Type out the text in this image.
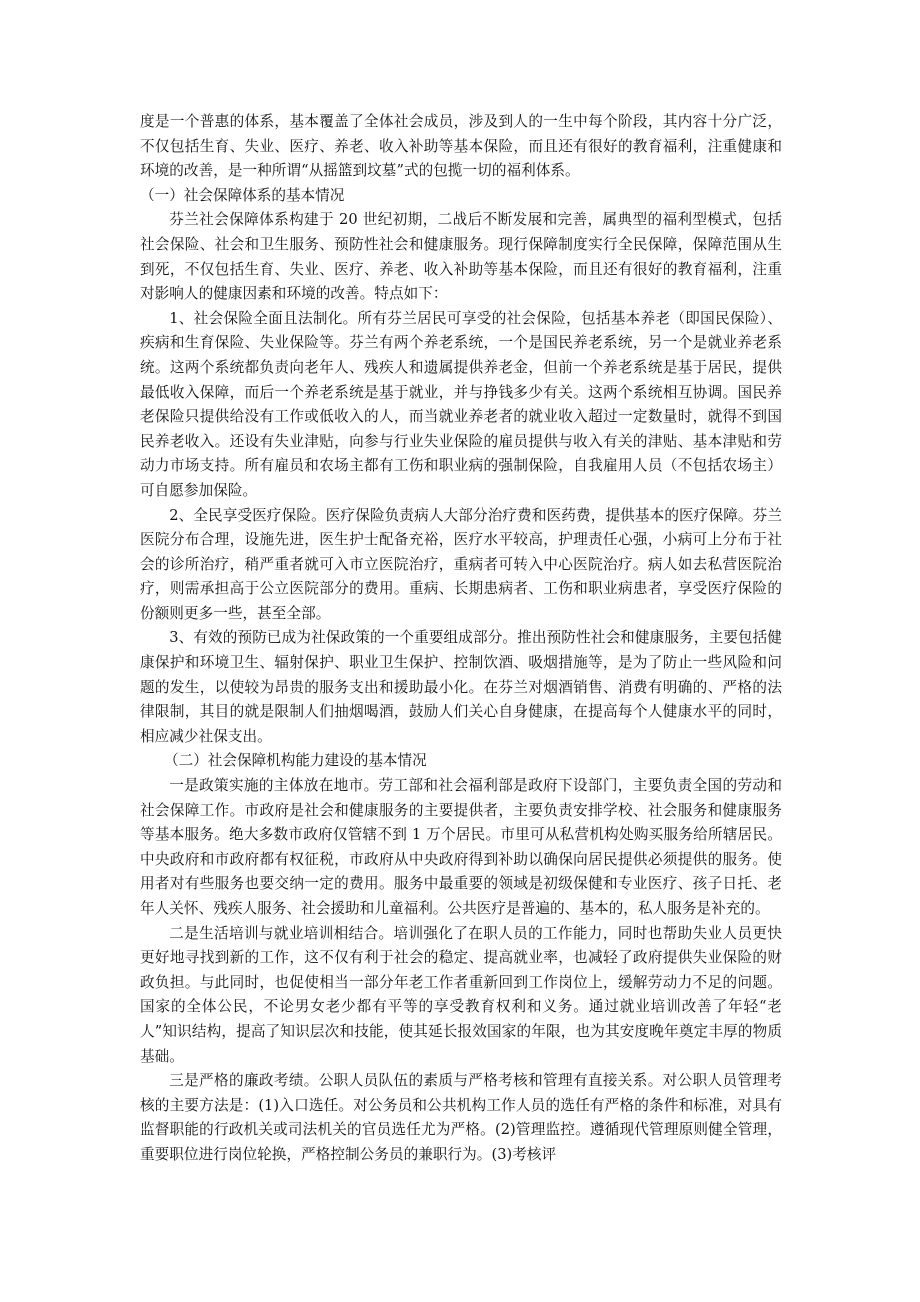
度是一个普惠的体系，基本覆盖了全体社会成员，涉及到人的一生中每个阶段，其内容十分广泛，不仅包括生育、失业、医疗、养老、收入补助等基本保险，而且还有很好的教育福利，注重健康和环境的改善，是一种所谓“从摇篮到坟墓”式的包揽一切的福利体系。

（一）社会保障体系的基本情况

芬兰社会保障体系构建于 20 世纪初期，二战后不断发展和完善，属典型的福利型模式，包括社会保险、社会和卫生服务、预防性社会和健康服务。现行保障制度实行全民保障，保障范围从生到死，不仅包括生育、失业、医疗、养老、收入补助等基本保险，而且还有很好的教育福利，注重对影响人的健康因素和环境的改善。特点如下：

1、社会保险全面且法制化。所有芬兰居民可享受的社会保险，包括基本养老（即国民保险）、疾病和生育保险、失业保险等。芬兰有两个养老系统，一个是国民养老系统，另一个是就业养老系统。这两个系统都负责向老年人、残疾人和遗属提供养老金，但前一个养老系统是基于居民，提供最低收入保障，而后一个养老系统是基于就业，并与挣钱多少有关。这两个系统相互协调。国民养老保险只提供给没有工作或低收入的人，而当就业养老者的就业收入超过一定数量时，就得不到国民养老收入。还设有失业津贴，向参与行业失业保险的雇员提供与收入有关的津贴、基本津贴和劳动力市场支持。所有雇员和农场主都有工伤和职业病的强制保险，自我雇用人员（不包括农场主）可自愿参加保险。

2、全民享受医疗保险。医疗保险负责病人大部分治疗费和医药费，提供基本的医疗保障。芬兰医院分布合理，设施先进，医生护士配备充裕，医疗水平较高，护理责任心强，小病可上分布于社会的诊所治疗，稍严重者就可入市立医院治疗，重病者可转入中心医院治疗。病人如去私营医院治疗，则需承担高于公立医院部分的费用。重病、长期患病者、工伤和职业病患者，享受医疗保险的份额则更多一些，甚至全部。

3、有效的预防已成为社保政策的一个重要组成部分。推出预防性社会和健康服务，主要包括健康保护和环境卫生、辐射保护、职业卫生保护、控制饮酒、吸烟措施等，是为了防止一些风险和问题的发生，以使较为昂贵的服务支出和援助最小化。在芬兰对烟酒销售、消费有明确的、严格的法律限制，其目的就是限制人们抽烟喝酒，鼓励人们关心自身健康，在提高每个人健康水平的同时，相应减少社保支出。

（二）社会保障机构能力建设的基本情况

一是政策实施的主体放在地市。劳工部和社会福利部是政府下设部门，主要负责全国的劳动和社会保障工作。市政府是社会和健康服务的主要提供者，主要负责安排学校、社会服务和健康服务等基本服务。绝大多数市政府仅管辖不到 1 万个居民。市里可从私营机构处购买服务给所辖居民。中央政府和市政府都有权征税，市政府从中央政府得到补助以确保向居民提供必须提供的服务。使用者对有些服务也要交纳一定的费用。服务中最重要的领域是初级保健和专业医疗、孩子日托、老年人关怀、残疾人服务、社会援助和儿童福利。公共医疗是普遍的、基本的，私人服务是补充的。

二是生活培训与就业培训相结合。培训强化了在职人员的工作能力，同时也帮助失业人员更快更好地寻找到新的工作，这不仅有利于社会的稳定、提高就业率，也减轻了政府提供失业保险的财政负担。与此同时，也促使相当一部分年老工作者重新回到工作岗位上，缓解劳动力不足的问题。国家的全体公民，不论男女老少都有平等的享受教育权利和义务。通过就业培训改善了年轻“老人”知识结构，提高了知识层次和技能，使其延长报效国家的年限，也为其安度晚年奠定丰厚的物质基础。

三是严格的廉政考绩。公职人员队伍的素质与严格考核和管理有直接关系。对公职人员管理考核的主要方法是：(1)入口选任。对公务员和公共机构工作人员的选任有严格的条件和标准，对具有监督职能的行政机关或司法机关的官员选任尤为严格。(2)管理监控。遵循现代管理原则健全管理，重要职位进行岗位轮换，严格控制公务员的兼职行为。(3)考核评
